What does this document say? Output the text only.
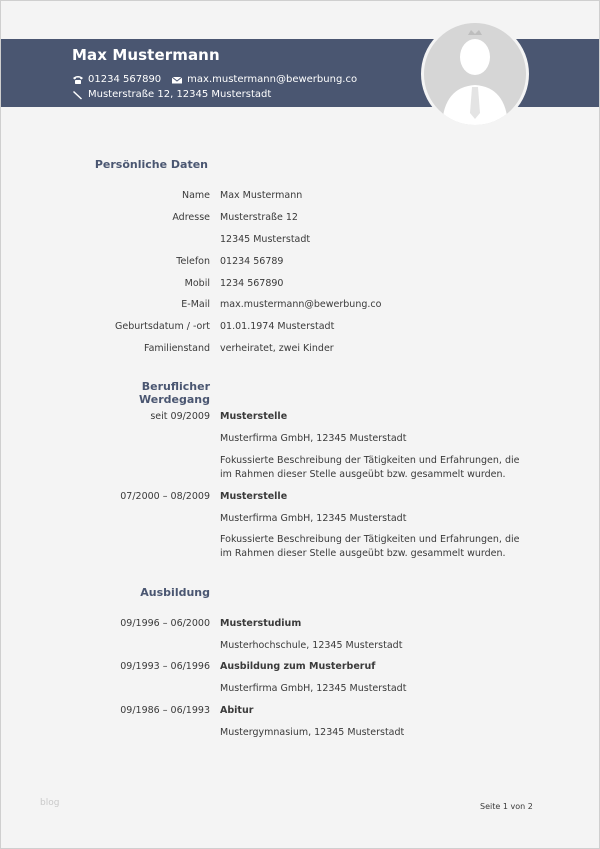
Max Mustermann
01234 567890	max.mustermann@bewerbung.co
Musterstraße 12, 12345 Musterstadt
Persönliche Daten
Name Max Mustermann
Adresse Musterstraße 12
12345 Musterstadt
Telefon 01234 56789
Mobil 1234 567890
E-Mail max.mustermann@bewerbung.co
Geburtsdatum / -ort 01.01.1974 Musterstadt
Familienstand verheiratet, zwei Kinder
Beruflicher Werdegang
seit 09/2009 Musterstelle
Musterfirma GmbH, 12345 Musterstadt
Fokussierte Beschreibung der Tätigkeiten und Erfahrungen, die im Rahmen dieser Stelle ausgeübt bzw. gesammelt wurden.
07/2000 – 08/2009 Musterstelle
Musterfirma GmbH, 12345 Musterstadt
Fokussierte Beschreibung der Tätigkeiten und Erfahrungen, die im Rahmen dieser Stelle ausgeübt bzw. gesammelt wurden.
Ausbildung
09/1996 – 06/2000 Musterstudium
Musterhochschule, 12345 Musterstadt
09/1993 – 06/1996 Ausbildung zum Musterberuf
Musterfirma GmbH, 12345 Musterstadt
09/1986 – 06/1993 Abitur
Mustergymnasium, 12345 Musterstadt
blog	Seite 1 von 2
